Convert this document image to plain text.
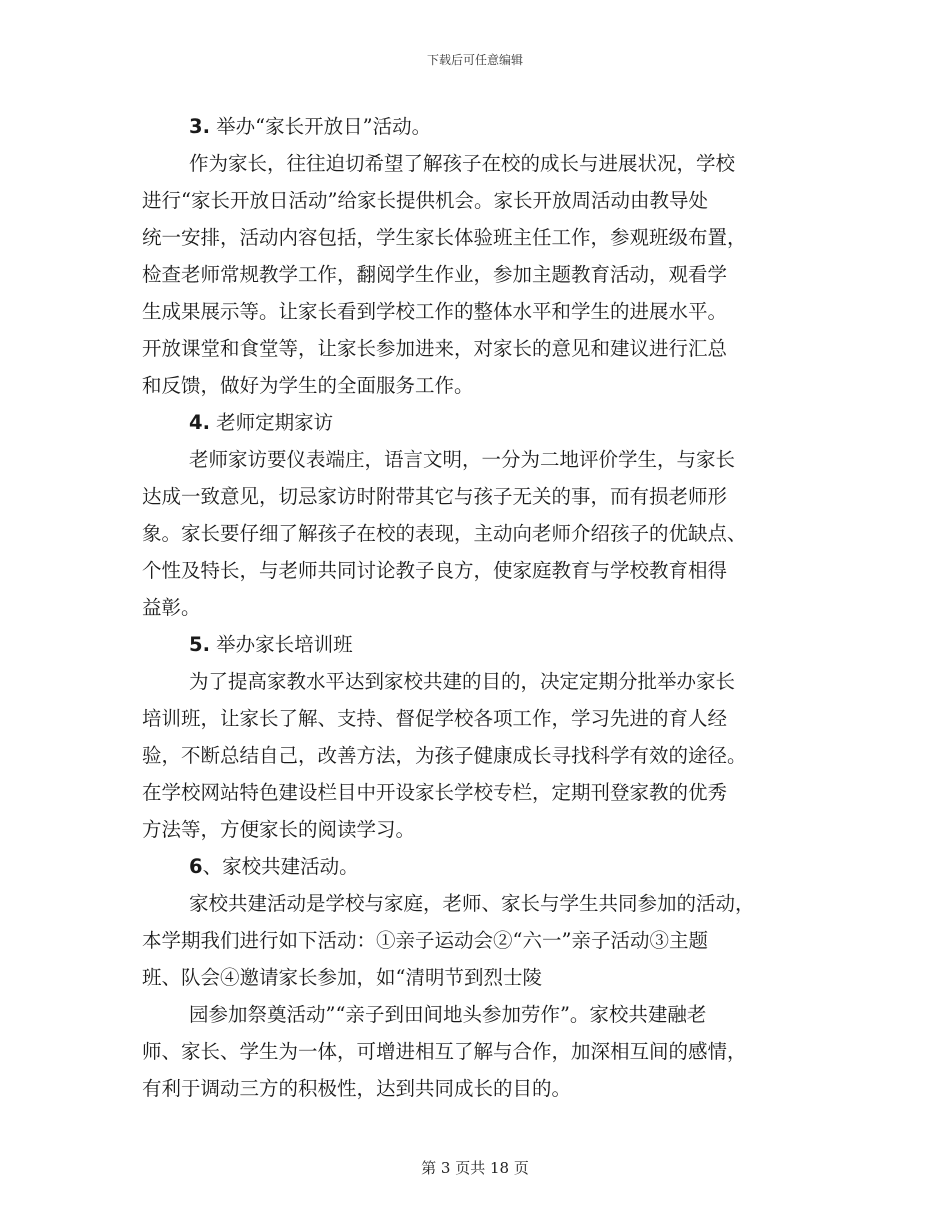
下载后可任意编辑
3. 举办“家长开放日”活动。
作为家长，往往迫切希望了解孩子在校的成长与进展状况，学校
进行“家长开放日活动”给家长提供机会。家长开放周活动由教导处
统一安排，活动内容包括，学生家长体验班主任工作，参观班级布置，
检查老师常规教学工作，翻阅学生作业，参加主题教育活动，观看学
生成果展示等。让家长看到学校工作的整体水平和学生的进展水平。
开放课堂和食堂等，让家长参加进来，对家长的意见和建议进行汇总
和反馈，做好为学生的全面服务工作。
4. 老师定期家访
老师家访要仪表端庄，语言文明，一分为二地评价学生，与家长
达成一致意见，切忌家访时附带其它与孩子无关的事，而有损老师形
象。家长要仔细了解孩子在校的表现，主动向老师介绍孩子的优缺点、
个性及特长，与老师共同讨论教子良方，使家庭教育与学校教育相得
益彰。
5. 举办家长培训班
为了提高家教水平达到家校共建的目的，决定定期分批举办家长
培训班，让家长了解、支持、督促学校各项工作，学习先进的育人经
验，不断总结自己，改善方法，为孩子健康成长寻找科学有效的途径。
在学校网站特色建设栏目中开设家长学校专栏，定期刊登家教的优秀
方法等，方便家长的阅读学习。
6、家校共建活动。
家校共建活动是学校与家庭，老师、家长与学生共同参加的活动，
本学期我们进行如下活动：①亲子运动会②“六一”亲子活动③主题
班、队会④邀请家长参加，如“清明节到烈士陵
园参加祭奠活动”“亲子到田间地头参加劳作”。家校共建融老
师、家长、学生为一体，可增进相互了解与合作，加深相互间的感情，
有利于调动三方的积极性，达到共同成长的目的。
第 3 页共 18 页
